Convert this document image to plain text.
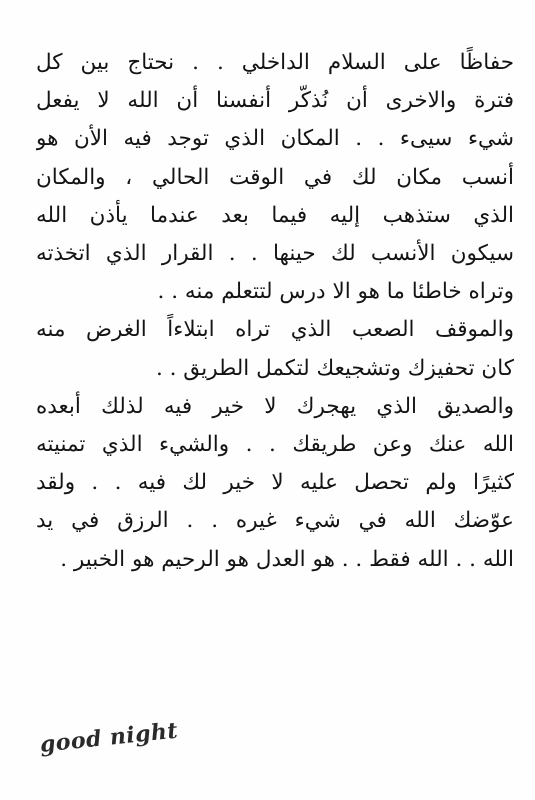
حفاظًا على السلام الداخلي . . نحتاج بين كل
فترة والاخرى أن نُذكّر أنفسنا أن الله لا يفعل
شيء سيىء . . المكان الذي توجد فيه الأن هو
أنسب مكان لك في الوقت الحالي ، والمكان
الذي ستذهب إليه فيما بعد عندما يأذن الله
سيكون الأنسب لك حينها . . القرار الذي اتخذته
وتراه خاطئا ما هو الا درس لتتعلم منه . .
والموقف الصعب الذي تراه ابتلاءاً الغرض منه
كان تحفيزك وتشجيعك لتكمل الطريق . .
والصديق الذي يهجرك لا خير فيه لذلك أبعده
الله عنك وعن طريقك . . والشيء الذي تمنيته
كثيرًا ولم تحصل عليه لا خير لك فيه . . ولقد
عوّضك الله في شيء غيره . . الرزق في يد
الله . . الله فقط . . هو العدل هو الرحيم هو الخبير .
good night
